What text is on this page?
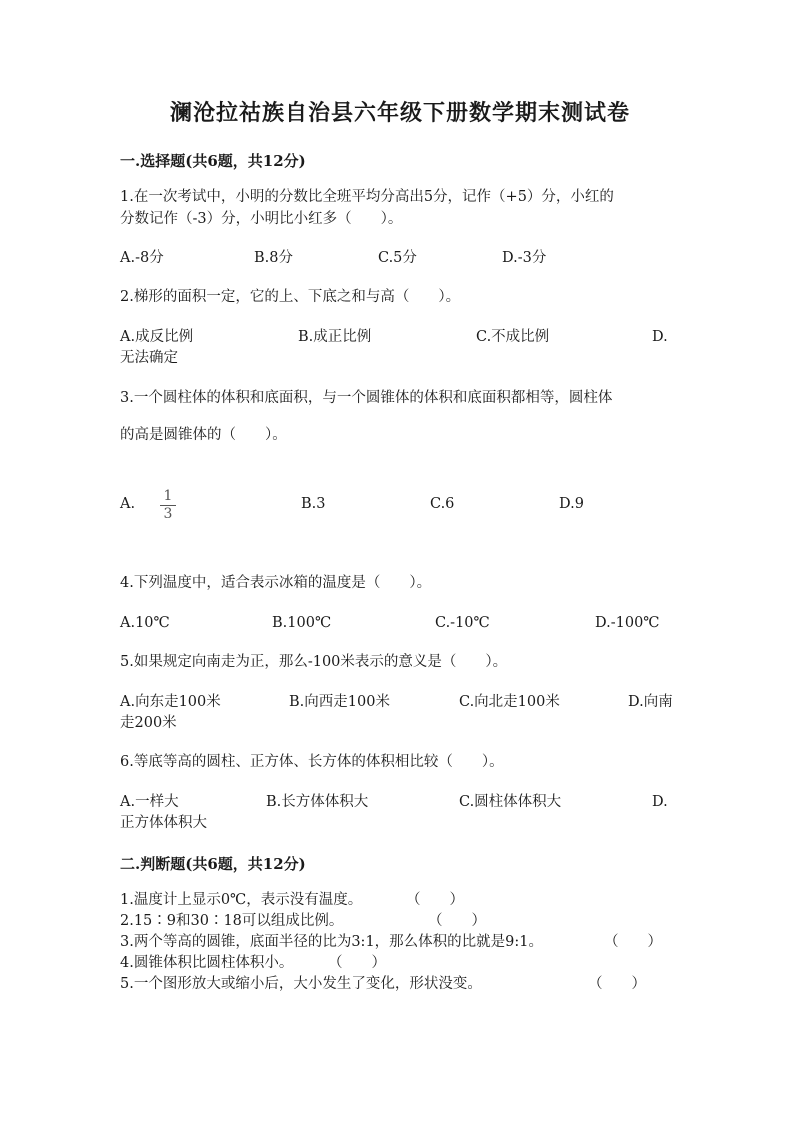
澜沧拉祜族自治县六年级下册数学期末测试卷
一.选择题(共6题，共12分)
1.在一次考试中，小明的分数比全班平均分高出5分，记作（+5）分，小红的
分数记作（-3）分，小明比小红多（　　）。
A.-8分	B.8分	C.5分	D.-3分
2.梯形的面积一定，它的上、下底之和与高（　　）。
A.成反比例	B.成正比例	C.不成比例	D.
无法确定
3.一个圆柱体的体积和底面积，与一个圆锥体的体积和底面积都相等，圆柱体
的高是圆锥体的（　　）。
A. 1
3
B.3	C.6	D.9
4.下列温度中，适合表示冰箱的温度是（　　）。
A.10℃	B.100℃	C.-10℃	D.-100℃
5.如果规定向南走为正，那么-100米表示的意义是（　　）。
A.向东走100米	B.向西走100米	C.向北走100米	D.向南
走200米
6.等底等高的圆柱、正方体、长方体的体积相比较（　　）。
A.一样大	B.长方体体积大	C.圆柱体体积大	D.
正方体体积大
二.判断题(共6题，共12分)
1.温度计上显示0℃，表示没有温度。	（　　）
2.15∶9和30∶18可以组成比例。	（　　）
3.两个等高的圆锥，底面半径的比为3:1，那么体积的比就是9:1。	（　　）
4.圆锥体积比圆柱体积小。 （　　）
5.一个图形放大或缩小后，大小发生了变化，形状没变。	（　　）
